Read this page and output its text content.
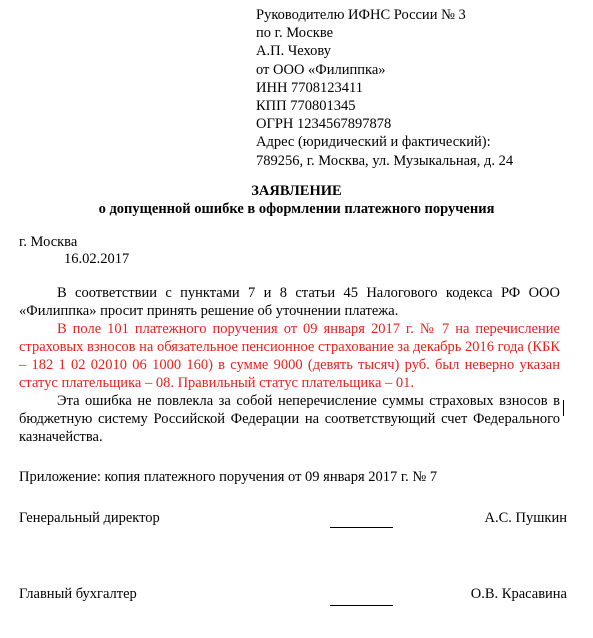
Руководителю ИФНС России № 3
по г. Москве
А.П. Чехову
от ООО «Филиппка»
ИНН 7708123411
КПП 770801345
ОГРН 1234567897878
Адрес (юридический и фактический):
789256, г. Москва, ул. Музыкальная, д. 24
ЗАЯВЛЕНИЕ
о допущенной ошибке в оформлении платежного поручения
г. Москва
16.02.2017

В соответствии с пунктами 7 и 8 статьи 45 Налогового кодекса РФ ООО «Филиппка» просит принять решение об уточнении платежа.

В поле 101 платежного поручения от 09 января 2017 г. № 7 на перечисление страховых взносов на обязательное пенсионное страхование за декабрь 2016 года (КБК – 182 1 02 02010 06 1000 160) в сумме 9000 (девять тысяч) руб. был неверно указан статус плательщика – 08. Правильный статус плательщика – 01.

Эта ошибка не повлекла за собой неперечисление суммы страховых взносов в бюджетную систему Российской Федерации на соответствующий счет Федерального казначейства.

Приложение: копия платежного поручения от 09 января 2017 г. № 7
Генеральный директор	А.С. Пушкин
Главный бухгалтер	О.В. Красавина
